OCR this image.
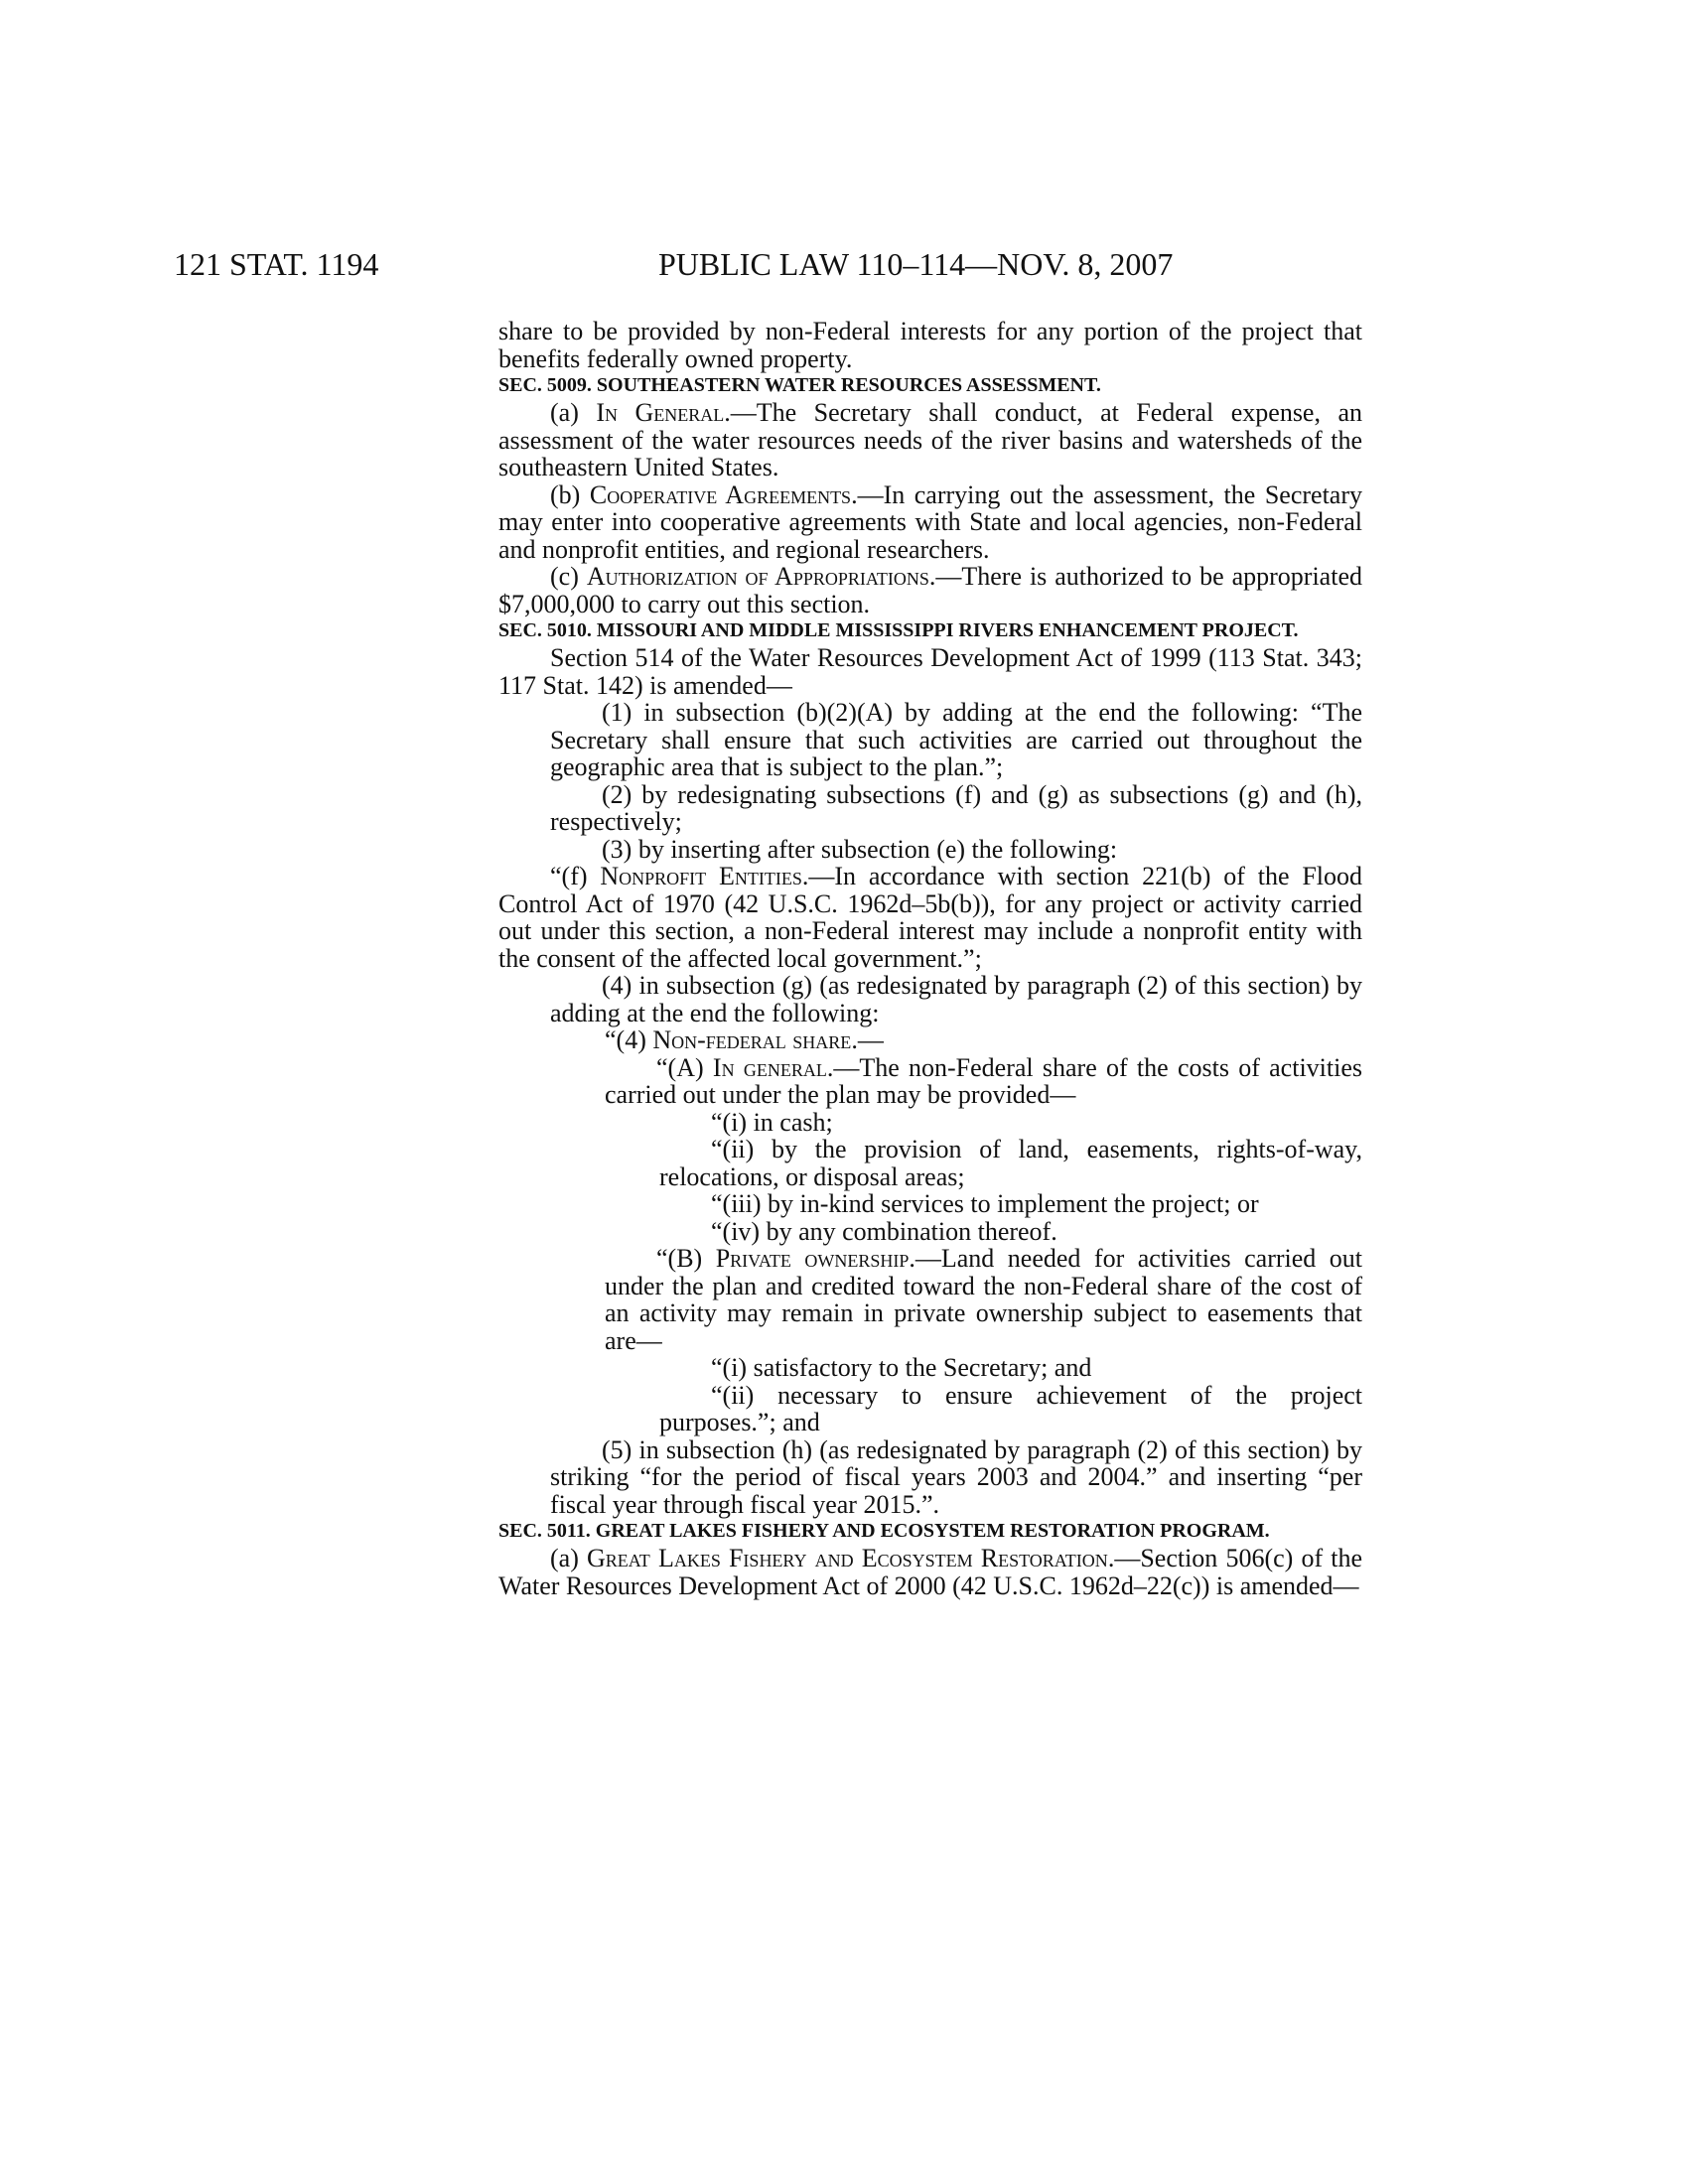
121 STAT. 1194	PUBLIC LAW 110–114—NOV. 8, 2007

share to be provided by non-Federal interests for any portion of the project that benefits federally owned property.

SEC. 5009. SOUTHEASTERN WATER RESOURCES ASSESSMENT.

(a) In General.—The Secretary shall conduct, at Federal expense, an assessment of the water resources needs of the river basins and watersheds of the southeastern United States.

(b) Cooperative Agreements.—In carrying out the assessment, the Secretary may enter into cooperative agreements with State and local agencies, non-Federal and nonprofit entities, and regional researchers.

(c) Authorization of Appropriations.—There is authorized to be appropriated $7,000,000 to carry out this section.

SEC. 5010. MISSOURI AND MIDDLE MISSISSIPPI RIVERS ENHANCEMENT PROJECT.

Section 514 of the Water Resources Development Act of 1999 (113 Stat. 343; 117 Stat. 142) is amended—

(1) in subsection (b)(2)(A) by adding at the end the following: “The Secretary shall ensure that such activities are carried out throughout the geographic area that is subject to the plan.”;

(2) by redesignating subsections (f) and (g) as subsections (g) and (h), respectively;

(3) by inserting after subsection (e) the following:

“(f) Nonprofit Entities.—In accordance with section 221(b) of the Flood Control Act of 1970 (42 U.S.C. 1962d–5b(b)), for any project or activity carried out under this section, a non-Federal interest may include a nonprofit entity with the consent of the affected local government.”;

(4) in subsection (g) (as redesignated by paragraph (2) of this section) by adding at the end the following:

“(4) Non-federal share.—

“(A) In general.—The non-Federal share of the costs of activities carried out under the plan may be provided—

“(i) in cash;

“(ii) by the provision of land, easements, rights-of-way, relocations, or disposal areas;

“(iii) by in-kind services to implement the project; or

“(iv) by any combination thereof.

“(B) Private ownership.—Land needed for activities carried out under the plan and credited toward the non-Federal share of the cost of an activity may remain in private ownership subject to easements that are—

“(i) satisfactory to the Secretary; and

“(ii) necessary to ensure achievement of the project purposes.”; and

(5) in subsection (h) (as redesignated by paragraph (2) of this section) by striking “for the period of fiscal years 2003 and 2004.” and inserting “per fiscal year through fiscal year 2015.”.

SEC. 5011. GREAT LAKES FISHERY AND ECOSYSTEM RESTORATION PROGRAM.

(a) Great Lakes Fishery and Ecosystem Restoration.—Section 506(c) of the Water Resources Development Act of 2000 (42 U.S.C. 1962d–22(c)) is amended—
